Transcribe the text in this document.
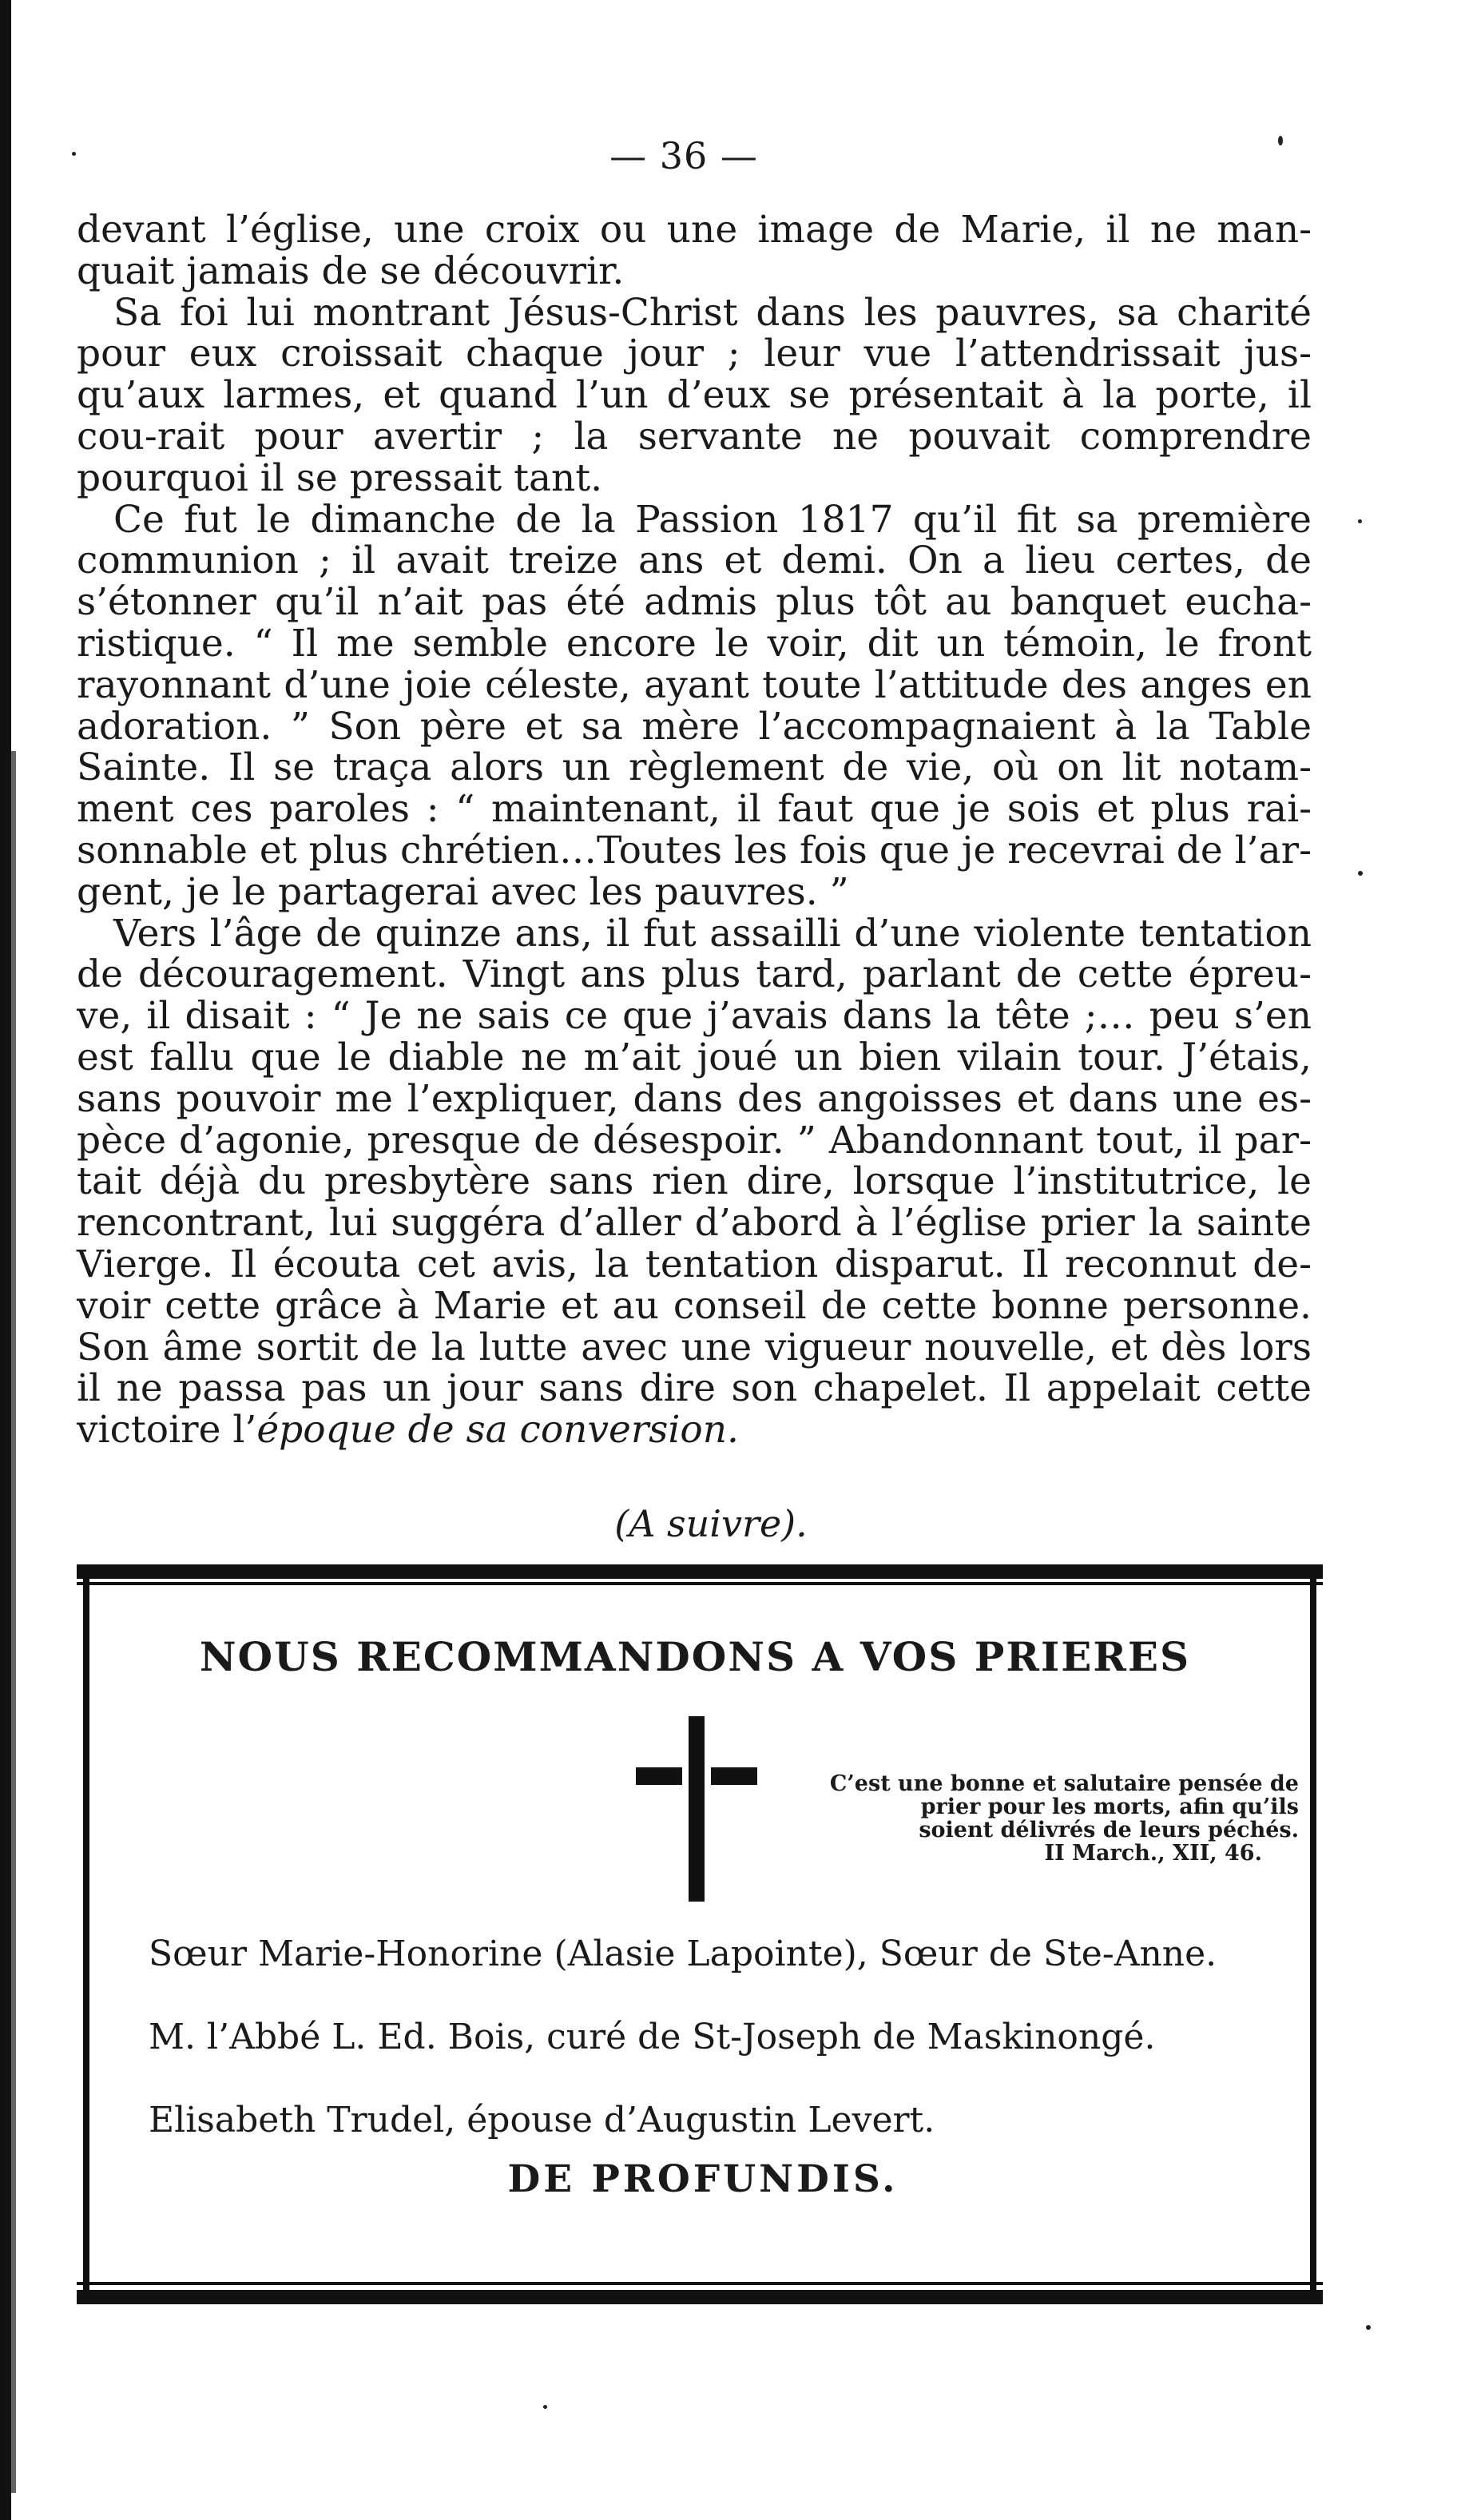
— 36 —

devant l’église, une croix ou une image de Marie, il ne man-quait jamais de se découvrir.

Sa foi lui montrant Jésus-Christ dans les pauvres, sa charité pour eux croissait chaque jour ; leur vue l’attendrissait jus-qu’aux larmes, et quand l’un d’eux se présentait à la porte, il cou-rait pour avertir ; la servante ne pouvait comprendre pourquoi il se pressait tant.

Ce fut le dimanche de la Passion 1817 qu’il fit sa première communion ; il avait treize ans et demi. On a lieu certes, de s’étonner qu’il n’ait pas été admis plus tôt au banquet eucha-ristique. “ Il me semble encore le voir, dit un témoin, le front rayonnant d’une joie céleste, ayant toute l’attitude des anges en adoration. ” Son père et sa mère l’accompagnaient à la Table Sainte. Il se traça alors un règlement de vie, où on lit notam-ment ces paroles : “ maintenant, il faut que je sois et plus rai-sonnable et plus chrétien…Toutes les fois que je recevrai de l’ar-gent, je le partagerai avec les pauvres. ”

Vers l’âge de quinze ans, il fut assailli d’une violente tentation de découragement. Vingt ans plus tard, parlant de cette épreu-ve, il disait : “ Je ne sais ce que j’avais dans la tête ;… peu s’en est fallu que le diable ne m’ait joué un bien vilain tour. J’étais, sans pouvoir me l’expliquer, dans des angoisses et dans une es-pèce d’agonie, presque de désespoir. ” Abandonnant tout, il par-tait déjà du presbytère sans rien dire, lorsque l’institutrice, le rencontrant, lui suggéra d’aller d’abord à l’église prier la sainte Vierge. Il écouta cet avis, la tentation disparut. Il reconnut de-voir cette grâce à Marie et au conseil de cette bonne personne. Son âme sortit de la lutte avec une vigueur nouvelle, et dès lors il ne passa pas un jour sans dire son chapelet. Il appelait cette victoire l’époque de sa conversion.

(A suivre).
NOUS RECOMMANDONS A VOS PRIERES
C’est une bonne et salutaire pensée de
prier pour les morts, afin qu’ils
soient délivrés de leurs péchés.
II March., XII, 46.
Sœur Marie-Honorine (Alasie Lapointe), Sœur de Ste-Anne.
M. l’Abbé L. Ed. Bois, curé de St-Joseph de Maskinongé.
Elisabeth Trudel, épouse d’Augustin Levert.
DE PROFUNDIS.
